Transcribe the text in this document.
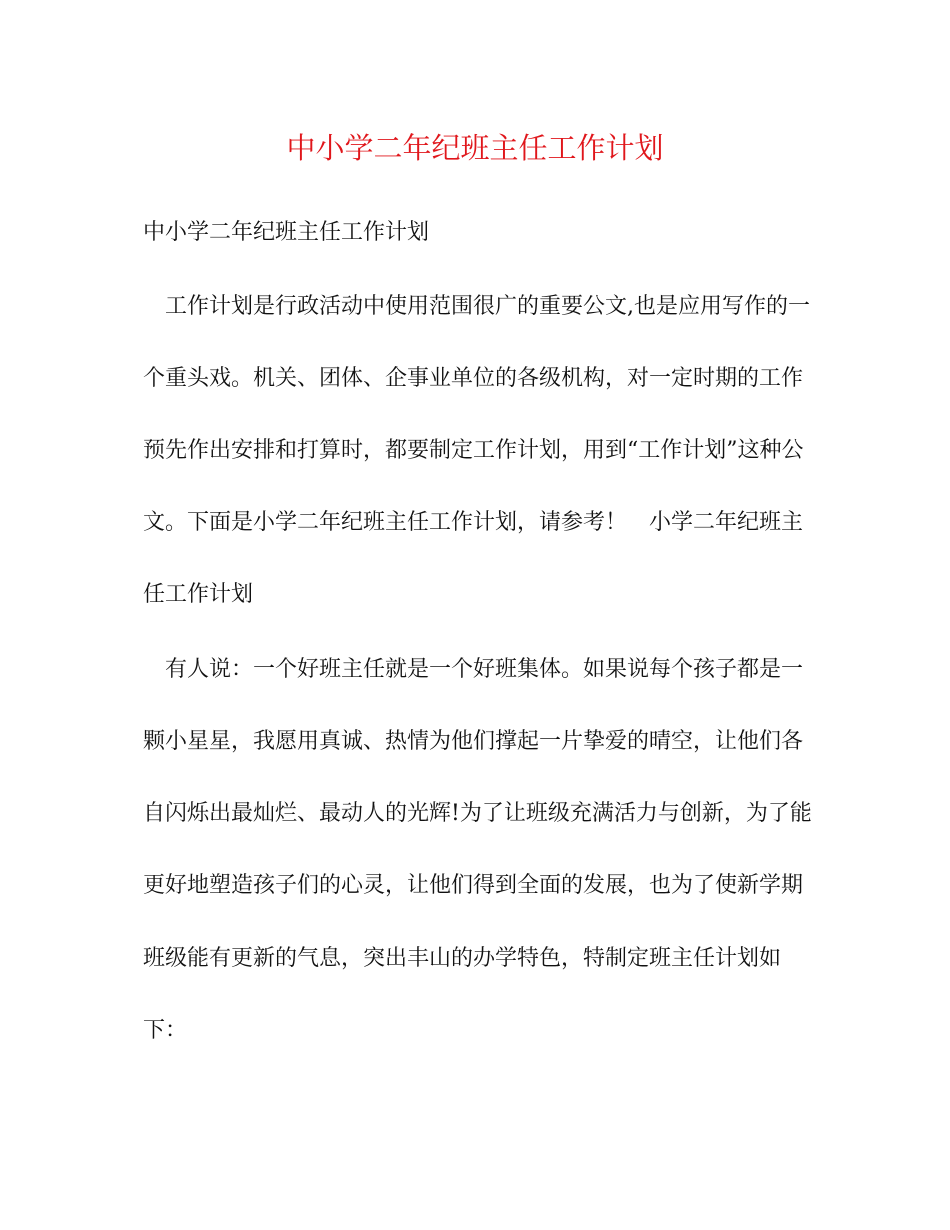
中小学二年纪班主任工作计划

中小学二年纪班主任工作计划

　工作计划是行政活动中使用范围很广的重要公文,也是应用写作的一

个重头戏。机关、团体、企事业单位的各级机构，对一定时期的工作

预先作出安排和打算时，都要制定工作计划，用到“工作计划”这种公

文。下面是小学二年纪班主任工作计划，请参考！　小学二年纪班主

任工作计划

　有人说：一个好班主任就是一个好班集体。如果说每个孩子都是一

颗小星星，我愿用真诚、热情为他们撑起一片挚爱的晴空，让他们各

自闪烁出最灿烂、最动人的光辉!为了让班级充满活力与创新，为了能

更好地塑造孩子们的心灵，让他们得到全面的发展，也为了使新学期

班级能有更新的气息，突出丰山的办学特色，特制定班主任计划如

下：
